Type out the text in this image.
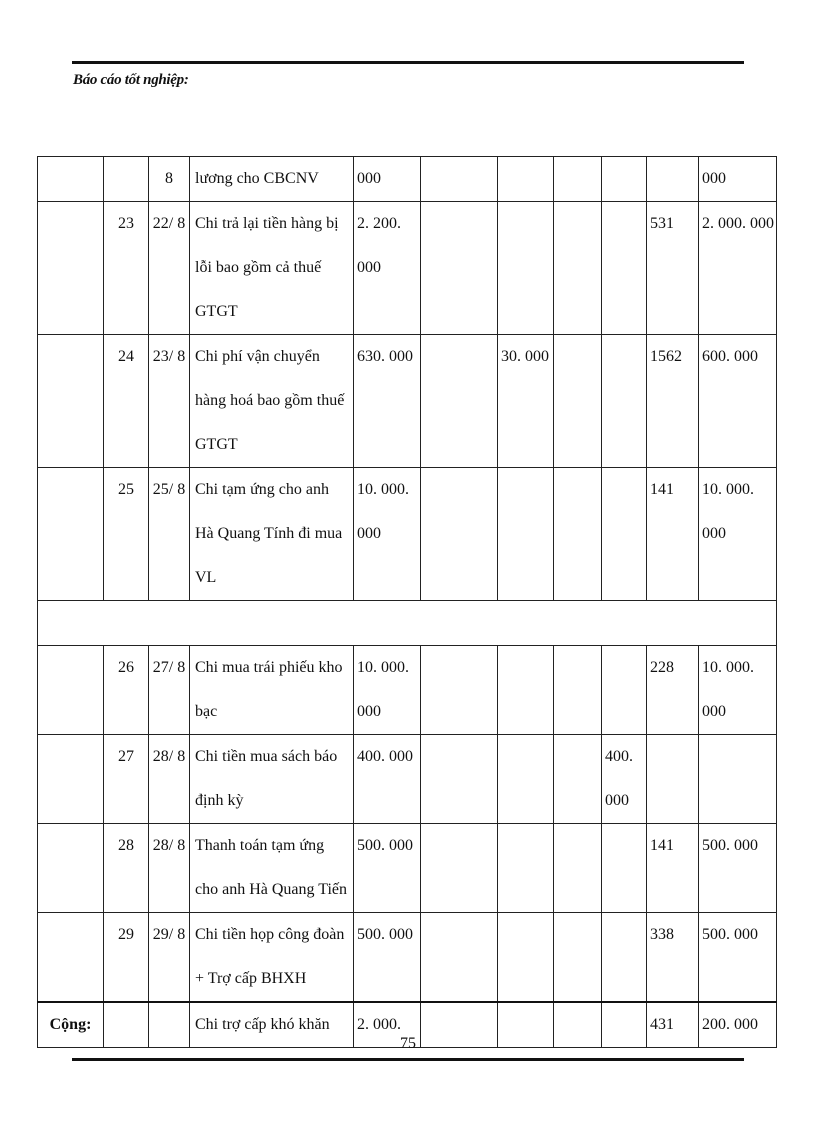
Báo cáo tốt nghiệp:
		8	lương cho CBCNV	000						000
	23	22/ 8	Chi trả lại tiền hàng bị lỗi bao gồm cả thuế GTGT	2. 200. 000					531	2. 000. 000
	24	23/ 8	Chi phí vận chuyển hàng hoá bao gồm thuế GTGT	630. 000		30. 000			1562	600. 000
	25	25/ 8	Chi tạm ứng cho anh Hà Quang Tính đi mua VL	10. 000. 000					141	10. 000. 000

	26	27/ 8	Chi mua trái phiếu kho bạc	10. 000. 000					228	10. 000. 000
	27	28/ 8	Chi tiền mua sách báo định kỳ	400. 000				400. 000		
	28	28/ 8	Thanh toán tạm ứng cho anh Hà Quang Tiến	500. 000					141	500. 000
	29	29/ 8	Chi tiền họp công đoàn + Trợ cấp BHXH	500. 000					338	500. 000
Cộng:			Chi trợ cấp khó khăn	2. 000.					431	200. 000
75
